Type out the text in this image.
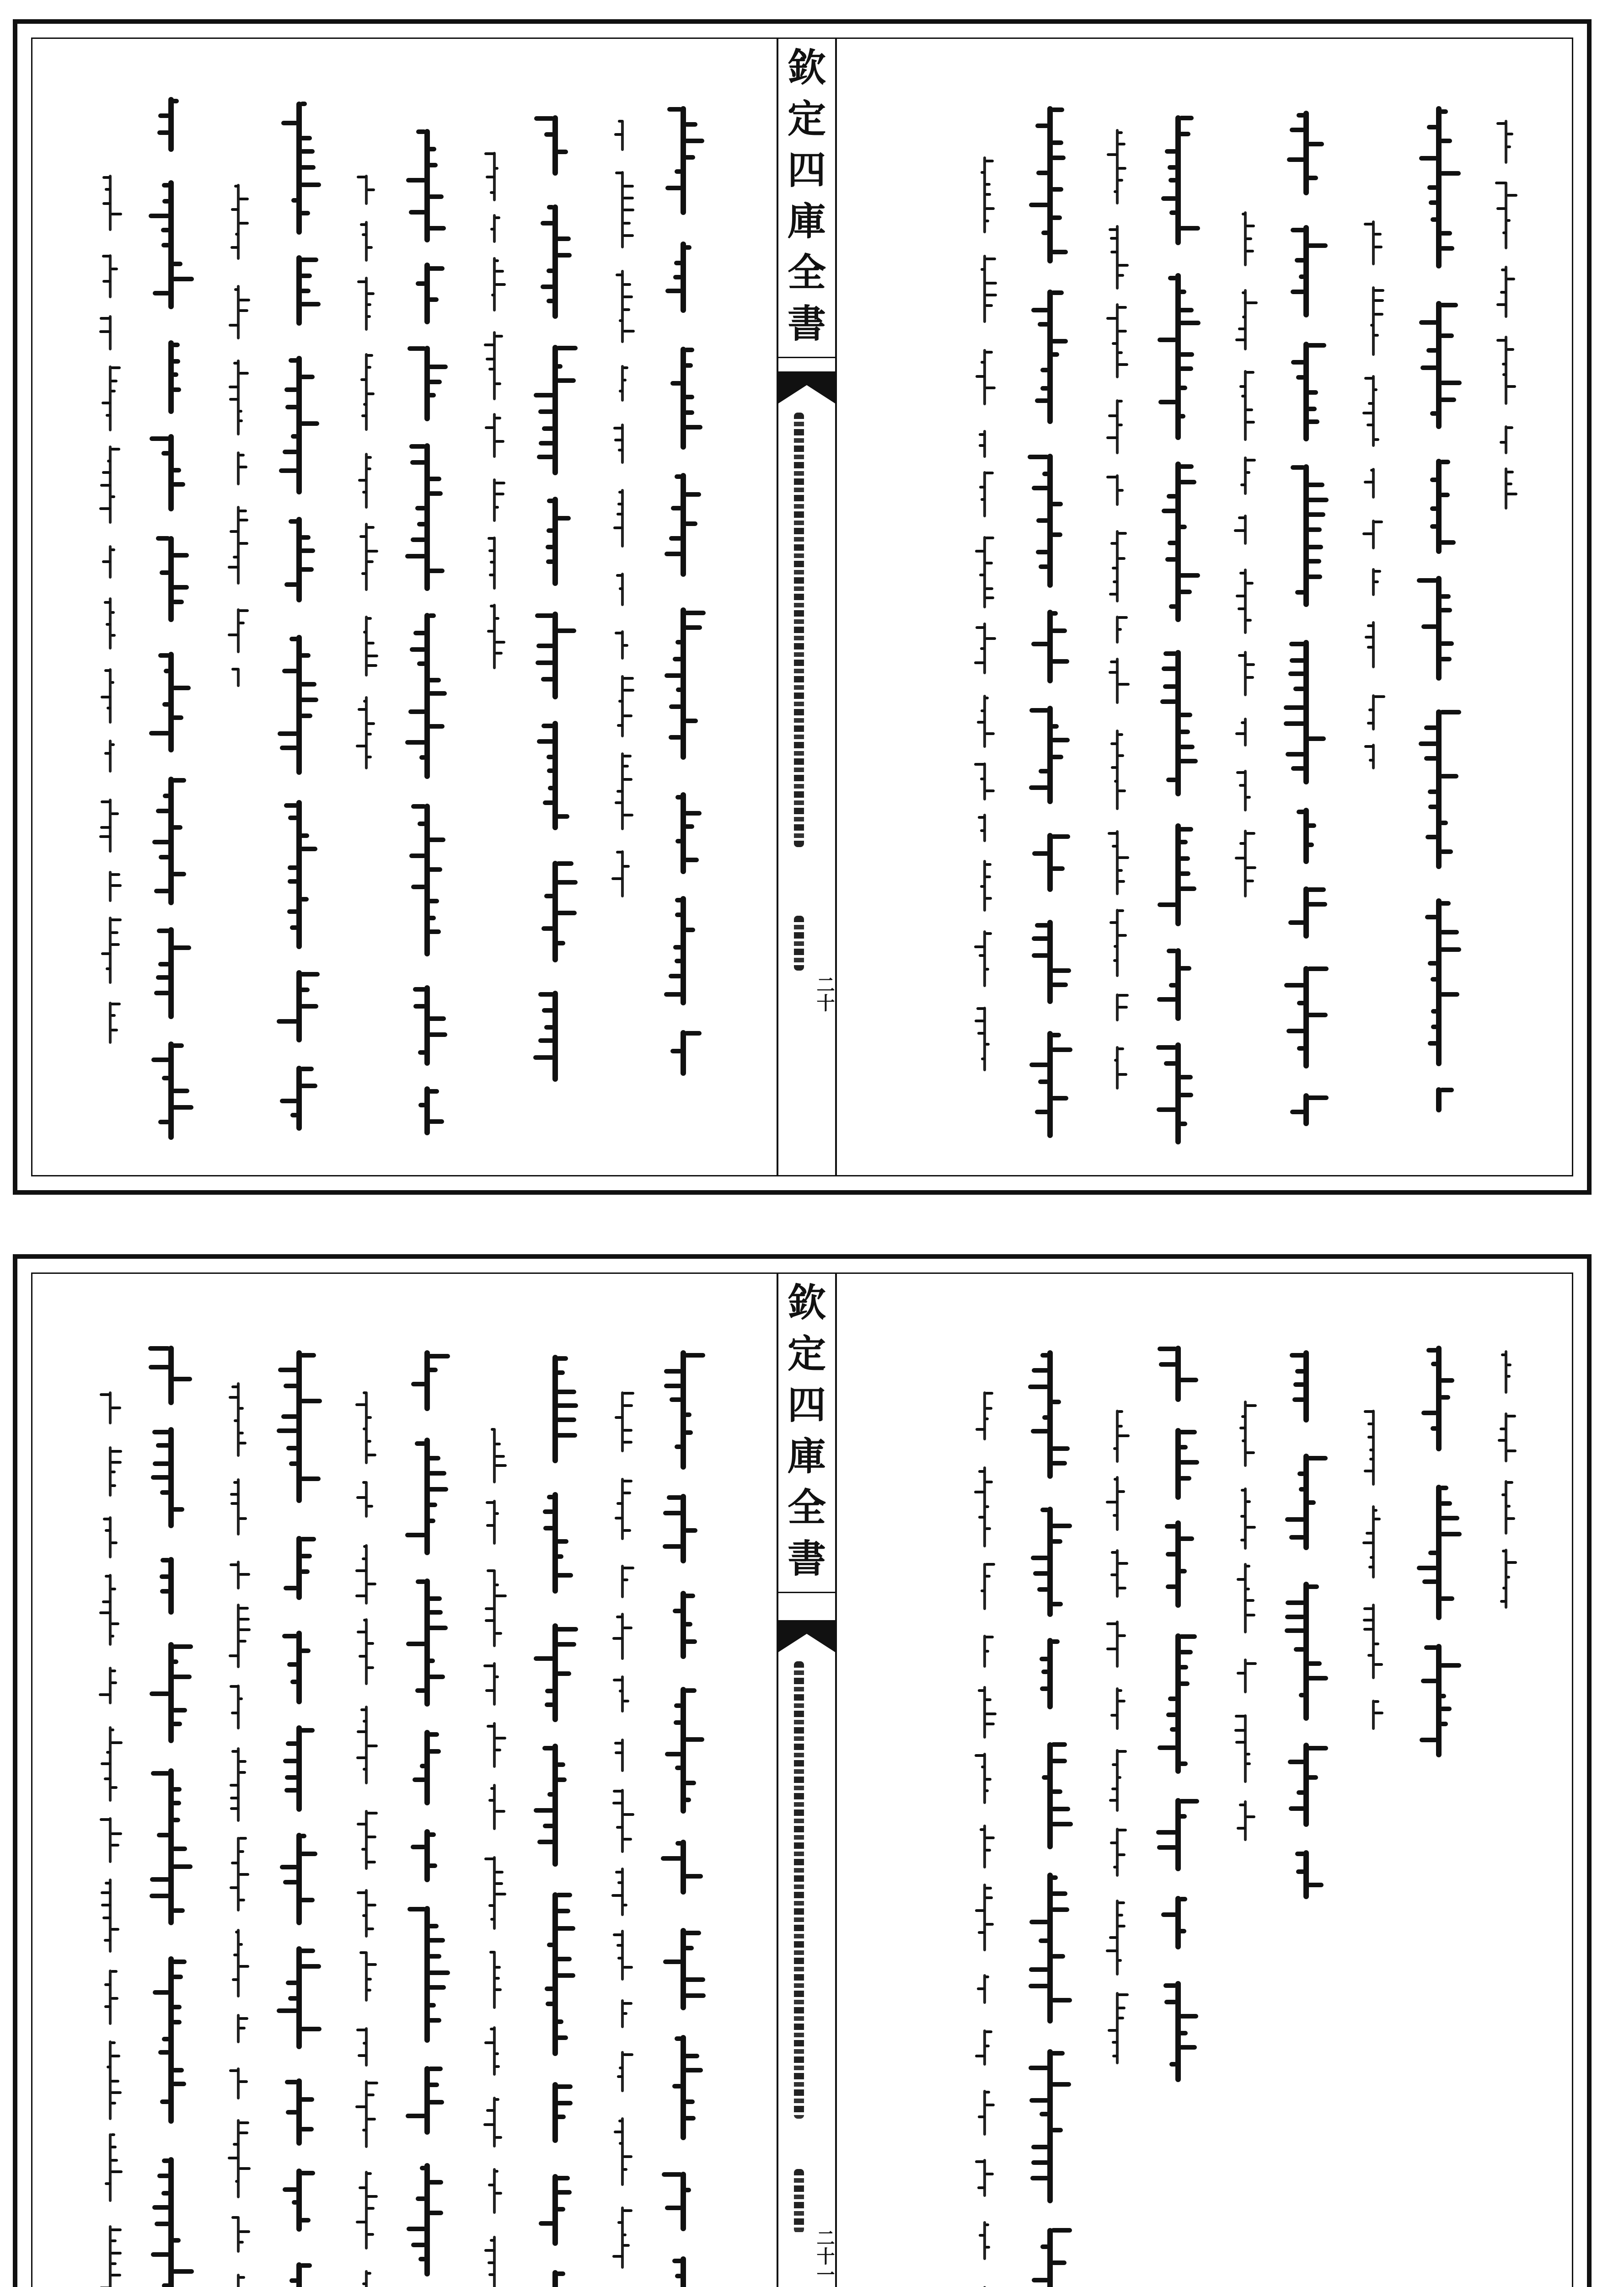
欽
定
四
庫
全
書
二十
欽
定
四
庫
全
書
二十一
